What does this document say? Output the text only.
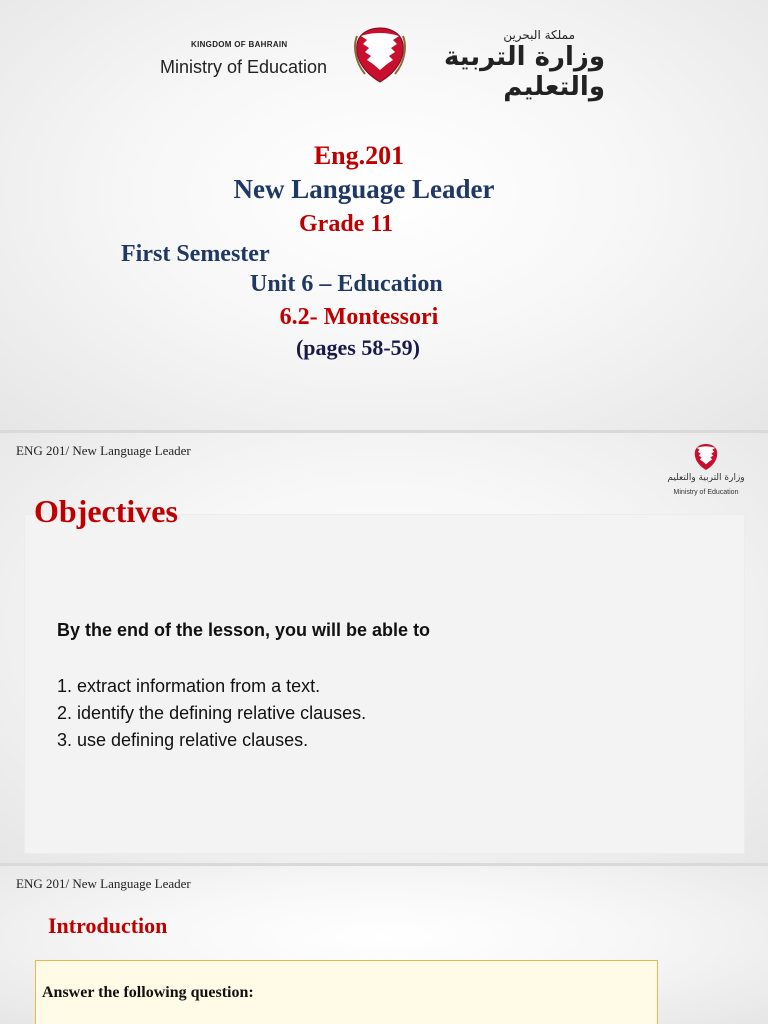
KINGDOM OF BAHRAIN
Ministry of Education
مملكة البحرين
وزارة التربية والتعليم
Eng.201
New Language Leader
Grade 11
First Semester
Unit 6 – Education
6.2- Montessori
(pages 58-59)
ENG 201/ New Language Leader
وزارة التربية والتعليم
Ministry of Education
Objectives
By the end of the lesson, you will be able to
1. extract information from a text.
2. identify the defining relative clauses.
3. use defining relative clauses.
ENG 201/ New Language Leader
Introduction
Answer the following question:
